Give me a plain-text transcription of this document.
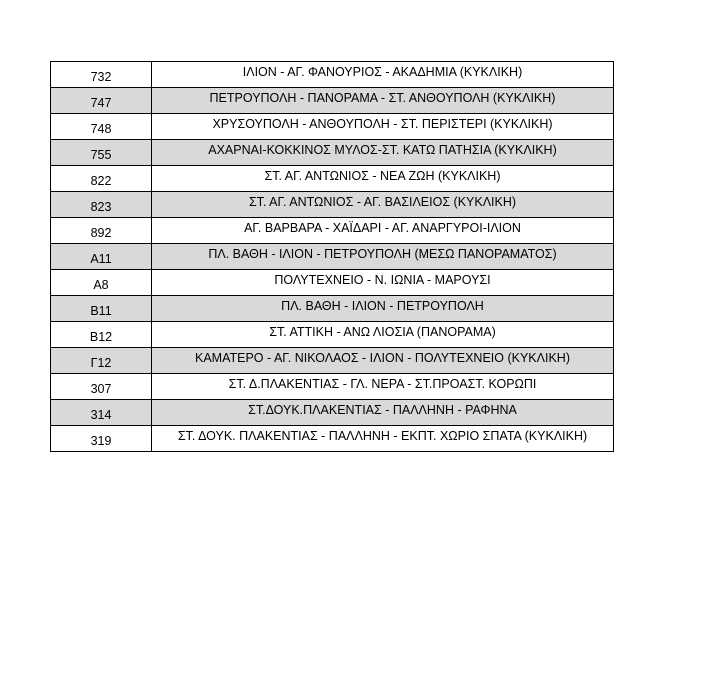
732	ΙΛΙΟΝ - ΑΓ. ΦΑΝΟΥΡΙΟΣ - ΑΚΑΔΗΜΙΑ (ΚΥΚΛΙΚΗ)
747	ΠΕΤΡΟΥΠΟΛΗ - ΠΑΝΟΡΑΜΑ - ΣΤ. ΑΝΘΟΥΠΟΛΗ (ΚΥΚΛΙΚΗ)
748	ΧΡΥΣΟΥΠΟΛΗ - ΑΝΘΟΥΠΟΛΗ - ΣΤ. ΠΕΡΙΣΤΕΡΙ (ΚΥΚΛΙΚΗ)
755	ΑΧΑΡΝΑΙ-ΚΟΚΚΙΝΟΣ ΜΥΛΟΣ-ΣΤ. ΚΑΤΩ ΠΑΤΗΣΙΑ (ΚΥΚΛΙΚΗ)
822	ΣΤ. ΑΓ. ΑΝΤΩΝΙΟΣ - ΝΕΑ ΖΩΗ (ΚΥΚΛΙΚΗ)
823	ΣΤ. ΑΓ. ΑΝΤΩΝΙΟΣ - ΑΓ. ΒΑΣΙΛΕΙΟΣ (ΚΥΚΛΙΚΗ)
892	ΑΓ. ΒΑΡΒΑΡΑ - ΧΑΪΔΑΡΙ - ΑΓ. ΑΝΑΡΓΥΡΟΙ-ΙΛΙΟΝ
Α11	ΠΛ. ΒΑΘΗ - ΙΛΙΟΝ - ΠΕΤΡΟΥΠΟΛΗ (ΜΕΣΩ ΠΑΝΟΡΑΜΑΤΟΣ)
Α8	ΠΟΛΥΤΕΧΝΕΙΟ - Ν. ΙΩΝΙΑ - ΜΑΡΟΥΣΙ
Β11	ΠΛ. ΒΑΘΗ - ΙΛΙΟΝ - ΠΕΤΡΟΥΠΟΛΗ
Β12	ΣΤ. ΑΤΤΙΚΗ - ΑΝΩ ΛΙΟΣΙΑ (ΠΑΝΟΡΑΜΑ)
Γ12	ΚΑΜΑΤΕΡΟ - ΑΓ. ΝΙΚΟΛΑΟΣ - ΙΛΙΟΝ - ΠΟΛΥΤΕΧΝΕΙΟ (ΚΥΚΛΙΚΗ)
307	ΣΤ. Δ.ΠΛΑΚΕΝΤΙΑΣ - ΓΛ. ΝΕΡΑ - ΣΤ.ΠΡΟΑΣΤ. ΚΟΡΩΠΙ
314	ΣΤ.ΔΟΥΚ.ΠΛΑΚΕΝΤΙΑΣ - ΠΑΛΛΗΝΗ - ΡΑΦΗΝΑ
319	ΣΤ. ΔΟΥΚ. ΠΛΑΚΕΝΤΙΑΣ - ΠΑΛΛΗΝΗ - ΕΚΠΤ. ΧΩΡΙΟ ΣΠΑΤΑ (ΚΥΚΛΙΚΗ)
